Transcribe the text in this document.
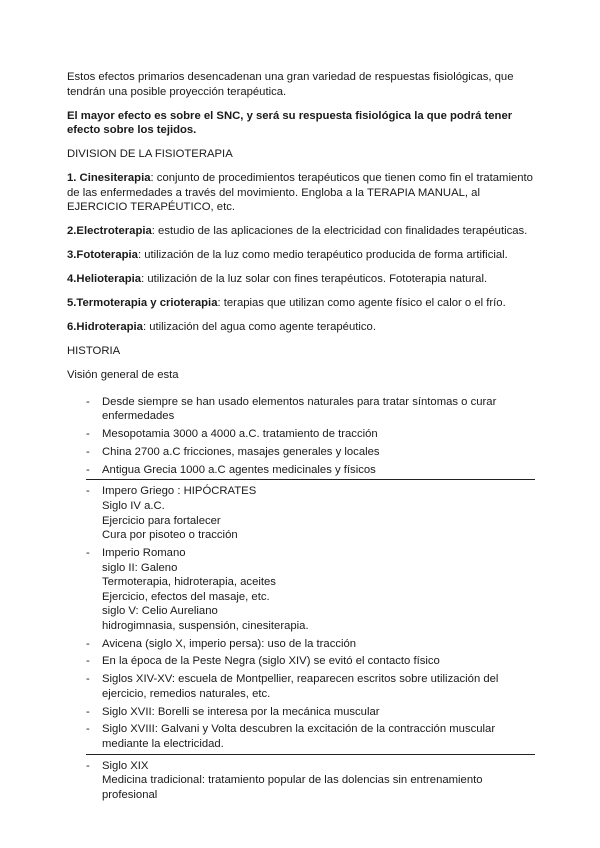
Estos efectos primarios desencadenan una gran variedad de respuestas fisiológicas, que tendrán una posible proyección terapéutica.

El mayor efecto es sobre el SNC, y será su respuesta fisiológica la que podrá tener efecto sobre los tejidos.

DIVISION DE LA FISIOTERAPIA

1. Cinesiterapia: conjunto de procedimientos terapéuticos que tienen como fin el tratamiento de las enfermedades a través del movimiento. Engloba a la TERAPIA MANUAL, al EJERCICIO TERAPÉUTICO, etc.

2.Electroterapia: estudio de las aplicaciones de la electricidad con finalidades terapéuticas.

3.Fototerapia: utilización de la luz como medio terapéutico producida de forma artificial.

4.Helioterapia: utilización de la luz solar con fines terapéuticos. Fototerapia natural.

5.Termoterapia y crioterapia: terapias que utilizan como agente físico el calor o el frío.

6.Hidroterapia: utilización del agua como agente terapéutico.

HISTORIA

Visión general de esta

- Desde siempre se han usado elementos naturales para tratar síntomas o curar enfermedades
- Mesopotamia 3000 a 4000 a.C. tratamiento de tracción
- China 2700 a.C fricciones, masajes generales y locales
- Antigua Grecia 1000 a.C agentes medicinales y físicos
- Impero Griego : HIPÓCRATES
Siglo IV a.C.
Ejercicio para fortalecer
Cura por pisoteo o tracción
- Imperio Romano
siglo II: Galeno
Termoterapia, hidroterapia, aceites
Ejercicio, efectos del masaje, etc.
siglo V: Celio Aureliano
hidrogimnasia, suspensión, cinesiterapia.
- Avicena (siglo X, imperio persa): uso de la tracción
- En la época de la Peste Negra (siglo XIV) se evitó el contacto físico
- Siglos XIV-XV: escuela de Montpellier, reaparecen escritos sobre utilización del ejercicio, remedios naturales, etc.
- Siglo XVII: Borelli se interesa por la mecánica muscular
- Siglo XVIII: Galvani y Volta descubren la excitación de la contracción muscular mediante la electricidad.
- Siglo XIX
Medicina tradicional: tratamiento popular de las dolencias sin entrenamiento profesional
